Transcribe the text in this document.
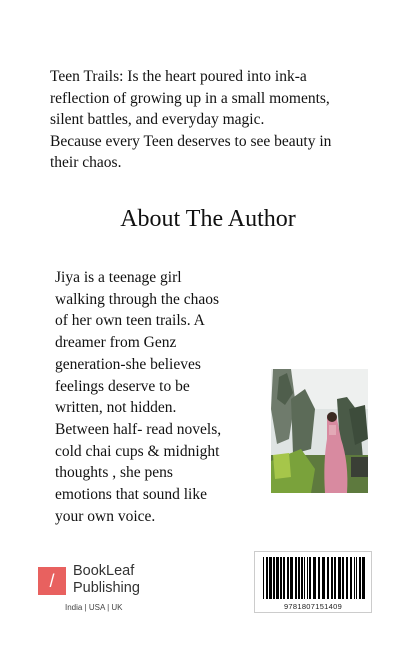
Teen Trails: Is the heart poured into ink-a
reflection of growing up in a small moments,
silent battles, and everyday magic.
Because every Teen deserves to see beauty in
their chaos.
About The Author
Jiya is a teenage girl
walking through the chaos
of her own teen trails. A
dreamer from Genz
generation-she believes
feelings deserve to be
written, not hidden.
Between half- read novels,
cold chai cups & midnight
thoughts , she pens
emotions that sound like
your own voice.
/	BookLeaf
Publishing
India | USA | UK	9781807151409
